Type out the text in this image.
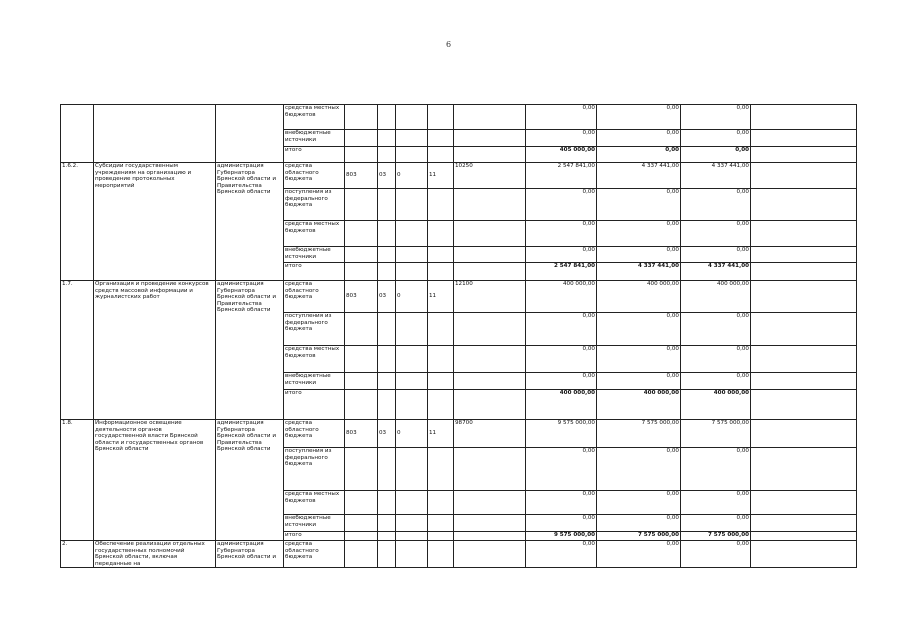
6
			средства местных бюджетов						0,00	0,00	0,00	
			внебюджетные источники						0,00	0,00	0,00	
			итого						405 000,00	0,00	0,00	
1.6.2.	Субсидии государственным учреждениям на организацию и проведение протокольных мероприятий	администрация Губернатора Брянской области и Правительства Брянской области	средства областного бюджета	803	03	0	11	10250	2 547 841,00	4 337 441,00	4 337 441,00	
			поступления из федерального бюджета						0,00	0,00	0,00	
			средства местных бюджетов						0,00	0,00	0,00	
			внебюджетные источники						0,00	0,00	0,00	
			итого						2 547 841,00	4 337 441,00	4 337 441,00	
1.7.	Организация и проведение конкурсов средств массовой информации и журналистских работ	администрация Губернатора Брянской области и Правительства Брянской области	средства областного бюджета	803	03	0	11	12100	400 000,00	400 000,00	400 000,00	
			поступления из федерального бюджета						0,00	0,00	0,00	
			средства местных бюджетов						0,00	0,00	0,00	
			внебюджетные источники						0,00	0,00	0,00	
			итого						400 000,00	400 000,00	400 000,00	
1.8.	Информационное освещение деятельности органов государственной власти Брянской области и государственных органов Брянской области	администрация Губернатора Брянской области и Правительства Брянской области	средства областного бюджета	803	03	0	11	98700	9 575 000,00	7 575 000,00	7 575 000,00	
			поступления из федерального бюджета						0,00	0,00	0,00	
			средства местных бюджетов						0,00	0,00	0,00	
			внебюджетные источники						0,00	0,00	0,00	
			итого						9 575 000,00	7 575 000,00	7 575 000,00	
2.	Обеспечение реализации отдельных государственных полномочий Брянской области, включая переданные на	администрация Губернатора Брянской области и	средства областного бюджета						0,00	0,00	0,00	
